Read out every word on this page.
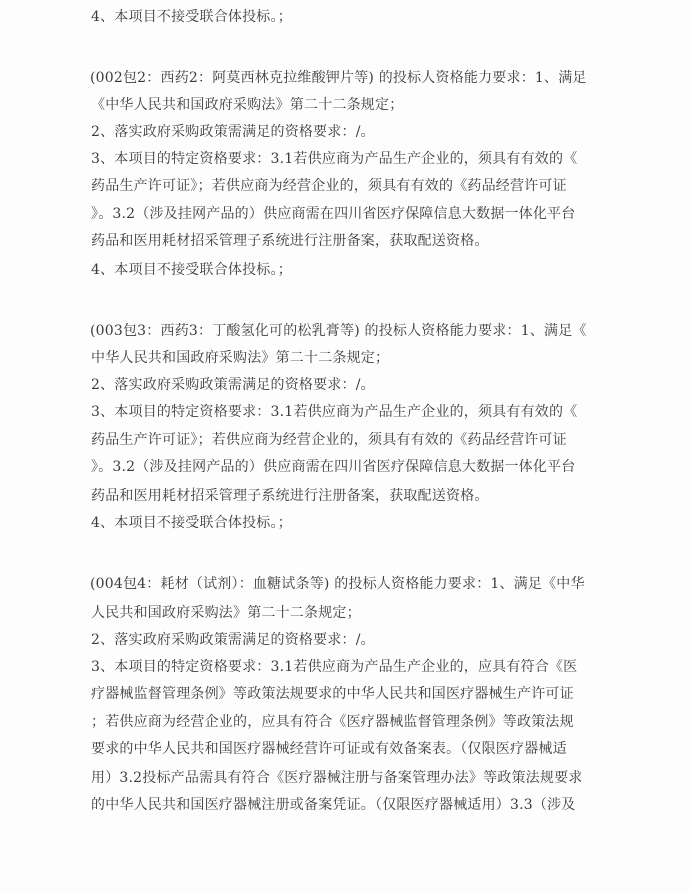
4、本项目不接受联合体投标。；
(002包2：西药2：阿莫西林克拉维酸钾片等) 的投标人资格能力要求：1、满足
《中华人民共和国政府采购法》第二十二条规定；
2、落实政府采购政策需满足的资格要求：/。
3、本项目的特定资格要求：3.1若供应商为产品生产企业的，须具有有效的《
药品生产许可证》；若供应商为经营企业的，须具有有效的《药品经营许可证
》。3.2（涉及挂网产品的）供应商需在四川省医疗保障信息大数据一体化平台
药品和医用耗材招采管理子系统进行注册备案，获取配送资格。
4、本项目不接受联合体投标。；
(003包3：西药3：丁酸氢化可的松乳膏等) 的投标人资格能力要求：1、满足《
中华人民共和国政府采购法》第二十二条规定；
2、落实政府采购政策需满足的资格要求：/。
3、本项目的特定资格要求：3.1若供应商为产品生产企业的，须具有有效的《
药品生产许可证》；若供应商为经营企业的，须具有有效的《药品经营许可证
》。3.2（涉及挂网产品的）供应商需在四川省医疗保障信息大数据一体化平台
药品和医用耗材招采管理子系统进行注册备案，获取配送资格。
4、本项目不接受联合体投标。；
(004包4：耗材（试剂）：血糖试条等) 的投标人资格能力要求：1、满足《中华
人民共和国政府采购法》第二十二条规定；
2、落实政府采购政策需满足的资格要求：/。
3、本项目的特定资格要求：3.1若供应商为产品生产企业的，应具有符合《医
疗器械监督管理条例》等政策法规要求的中华人民共和国医疗器械生产许可证
；若供应商为经营企业的，应具有符合《医疗器械监督管理条例》等政策法规
要求的中华人民共和国医疗器械经营许可证或有效备案表。（仅限医疗器械适
用）3.2投标产品需具有符合《医疗器械注册与备案管理办法》等政策法规要求
的中华人民共和国医疗器械注册或备案凭证。（仅限医疗器械适用）3.3（涉及
